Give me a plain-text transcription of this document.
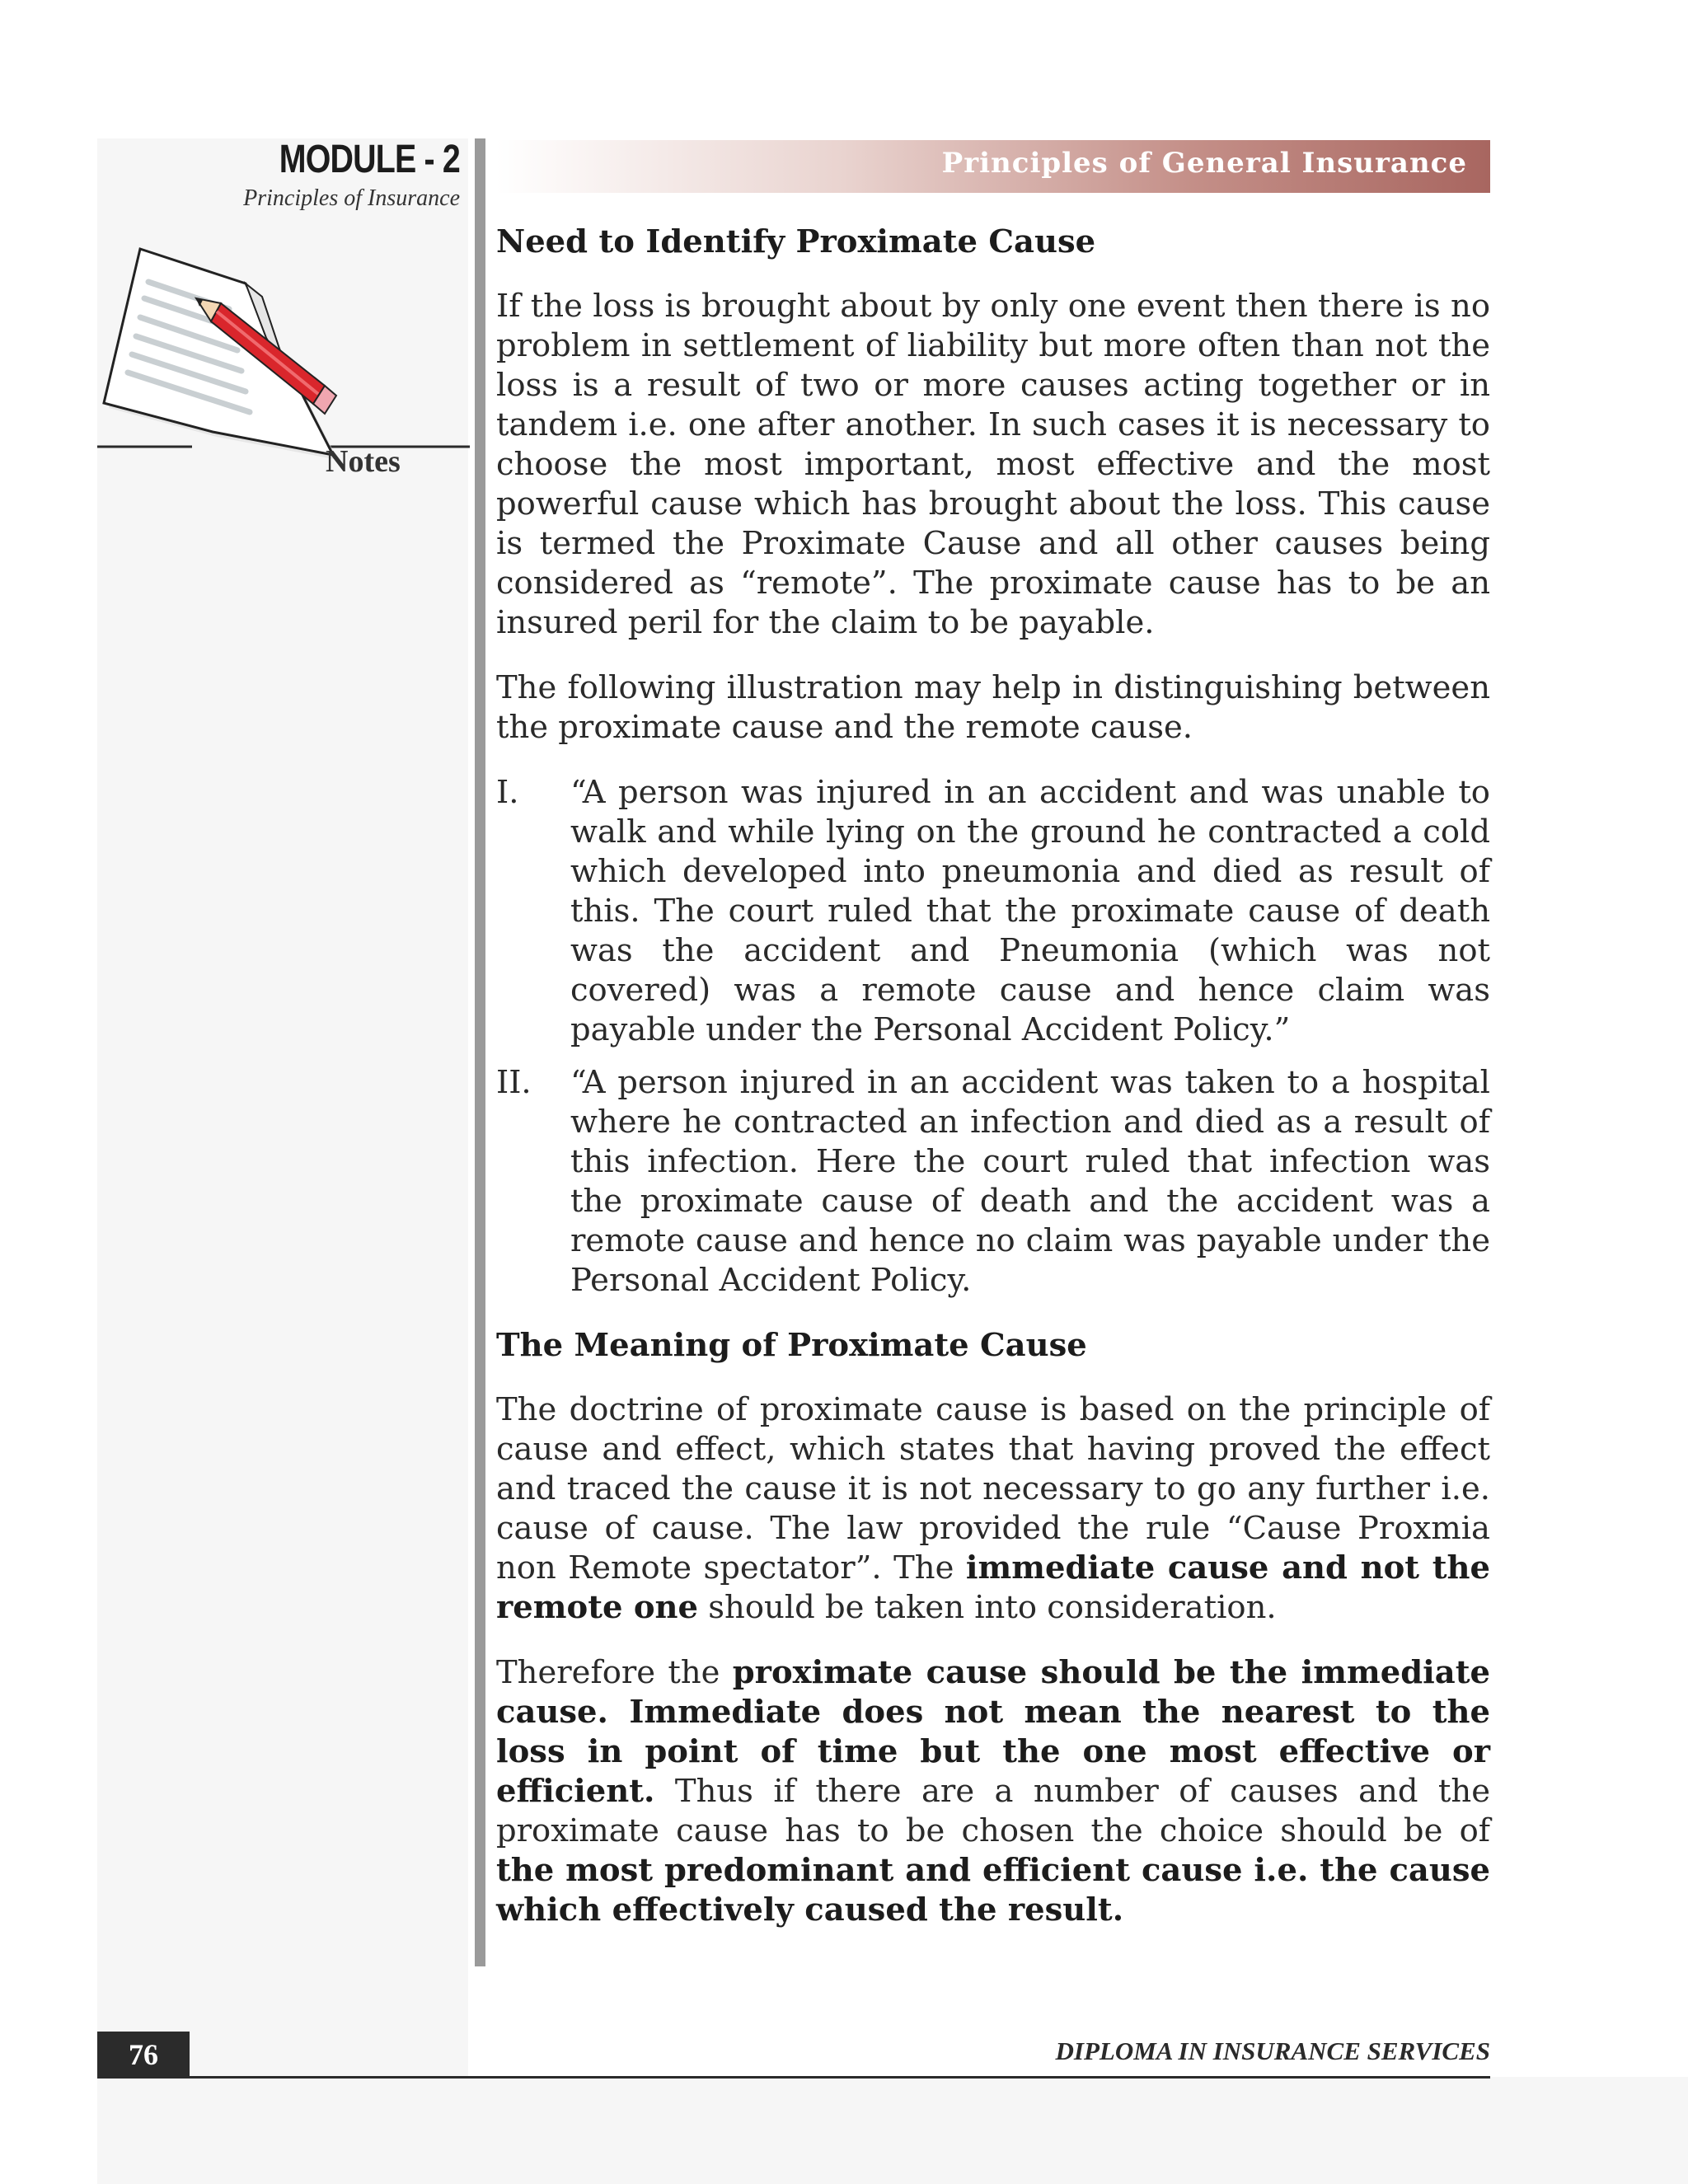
MODULE - 2
Principles of Insurance
Notes
Principles of General Insurance
Need to Identify Proximate Cause

If the loss is brought about by only one event then there is no problem in settlement of liability but more often than not the loss is a result of two or more causes acting together or in tandem i.e. one after another. In such cases it is necessary to choose the most important, most effective and the most powerful cause which has brought about the loss. This cause is termed the Proximate Cause and all other causes being considered as “remote”. The proximate cause has to be an insured peril for the claim to be payable.

The following illustration may help in distinguishing between the proximate cause and the remote cause.

I. “A person was injured in an accident and was unable to walk and while lying on the ground he contracted a cold which developed into pneumonia and died as result of this. The court ruled that the proximate cause of death was the accident and Pneumonia (which was not covered) was a remote cause and hence claim was payable under the Personal Accident Policy.”
II. “A person injured in an accident was taken to a hospital where he contracted an infection and died as a result of this infection. Here the court ruled that infection was the proximate cause of death and the accident was a remote cause and hence no claim was payable under the Personal Accident Policy.
The Meaning of Proximate Cause

The doctrine of proximate cause is based on the principle of cause and effect, which states that having proved the effect and traced the cause it is not necessary to go any further i.e. cause of cause. The law provided the rule “Cause Proxmia non Remote spectator”. The immediate cause and not the remote one should be taken into consideration.

Therefore the proximate cause should be the immediate cause. Immediate does not mean the nearest to the loss in point of time but the one most effective or efficient. Thus if there are a number of causes and the proximate cause has to be chosen the choice should be of the most predominant and efficient cause i.e. the cause which effectively caused the result.

76	DIPLOMA IN INSURANCE SERVICES
